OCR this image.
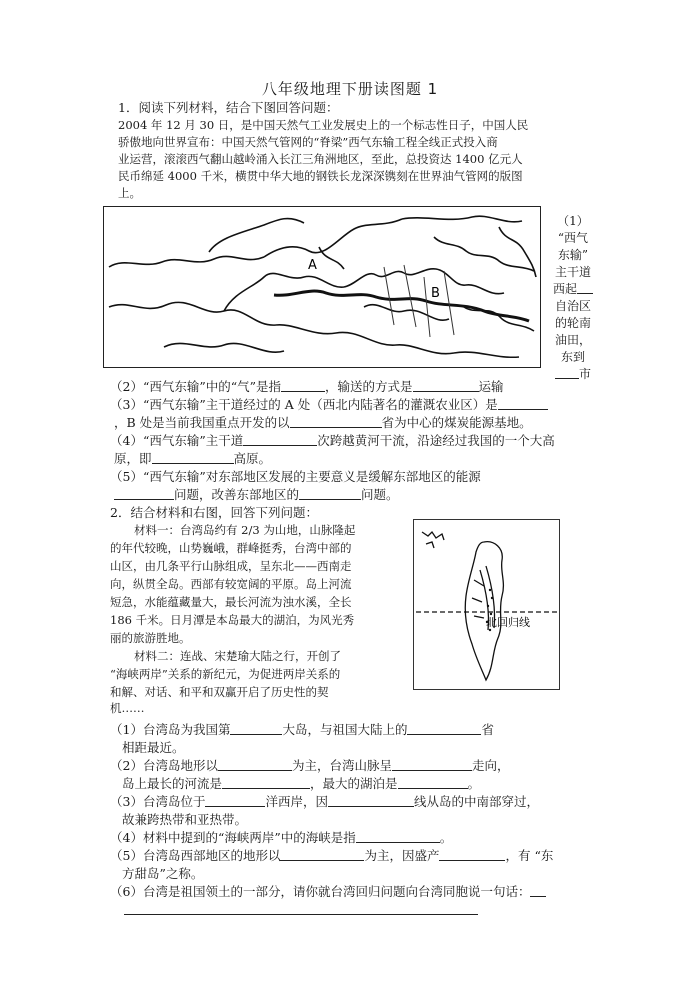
八年级地理下册读图题 1
1．阅读下列材料，结合下图回答问题：
2004 年 12 月 30 日，是中国天然气工业发展史上的一个标志性日子，中国人民
骄傲地向世界宣布：中国天然气管网的“脊梁”西气东输工程全线正式投入商
业运营，滚滚西气翻山越岭涌入长江三角洲地区，至此，总投资达 1400 亿元人
民币绵延 4000 千米，横贯中华大地的钢铁长龙深深镌刻在世界油气管网的版图
上。
A
B
（1）
“西气
东输”
主干道
西起
自治区
的轮南
油田，
东到
市
（2）“西气东输”中的“气”是指	，输送的方式是	运输
（3）“西气东输”主干道经过的 A 处（西北内陆著名的灌溉农业区）是
，B 处是当前我国重点开发的以	省为中心的煤炭能源基地。
（4）“西气东输”主干道	次跨越黄河干流，沿途经过我国的一个大高
原，即	高原。
（5）“西气东输”对东部地区发展的主要意义是缓解东部地区的能源
问题，改善东部地区的	问题。
2．结合材料和右图，回答下列问题：
材料一：台湾岛约有 2/3 为山地，山脉隆起
的年代较晚，山势巍峨，群峰挺秀，台湾中部的
山区，由几条平行山脉组成，呈东北——西南走
向，纵贯全岛。西部有较宽阔的平原。岛上河流
短急，水能蕴藏量大，最长河流为浊水溪，全长
186 千米。日月潭是本岛最大的湖泊，为风光秀
丽的旅游胜地。
材料二：连战、宋楚瑜大陆之行，开创了
“海峡两岸”关系的新纪元，为促进两岸关系的
和解、对话、和平和双赢开启了历史性的契
机……
北回归线
（1）台湾岛为我国第	大岛，与祖国大陆上的	省
相距最近。
（2）台湾岛地形以	为主，台湾山脉呈	走向，
岛上最长的河流是	，最大的湖泊是	。
（3）台湾岛位于	洋西岸，因	线从岛的中南部穿过，
故兼跨热带和亚热带。
（4）材料中提到的“海峡两岸”中的海峡是指	。
（5）台湾岛西部地区的地形以	为主，因盛产	，有 “东
方甜岛”之称。
（6）台湾是祖国领土的一部分，请你就台湾回归问题向台湾同胞说一句话：
